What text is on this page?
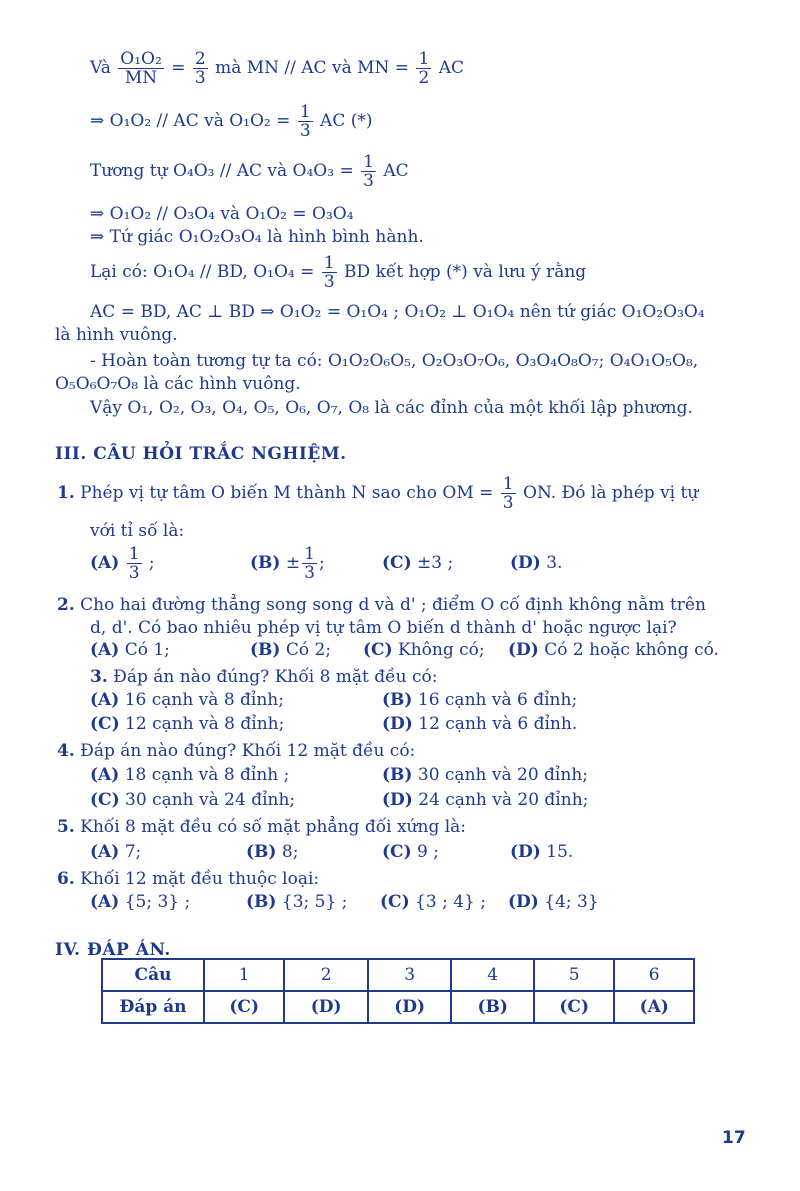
Và $\frac{\text{O₁O₂}}{MN} = \frac{2}{3}$ mà MN // AC và MN = $\frac{1}{2}$ AC
⇒ O₁O₂ // AC và $O_1O_2 = \frac{1}{3}$ AC (*)
Tương tự O₄O₃ // AC và $O_4O_3 = \frac{1}{3}$ AC
⇒ O₁O₂ // O₃O₄ và O₁O₂ = O₃O₄
⇒ Tứ giác O₁O₂O₃O₄ là hình bình hành.
Lại có: O₁O₄ // BD, $O_1O_4 = \frac{1}{3}$ BD kết hợp (*) và lưu ý rằng
AC = BD, AC ⊥ BD ⇒ O₁O₂ = O₁O₄ ; O₁O₂ ⊥ O₁O₄ nên tứ giác O₁O₂O₃O₄
là hình vuông.
- Hoàn toàn tương tự ta có: O₁O₂O₆O₅, O₂O₃O₇O₆, O₃O₄O₈O₇; O₄O₁O₅O₈,
O₅O₆O₇O₈ là các hình vuông.
Vậy O₁, O₂, O₃, O₄, O₅, O₆, O₇, O₈ là các đỉnh của một khối lập phương.
III. CÂU HỎI TRẮC NGHIỆM.
1. Phép vị tự tâm O biến M thành N sao cho OM = $\frac{1}{3}$ ON. Đó là phép vị tự
với tỉ số là:
$(A) \frac{1}{3}$ ;	$(B) \pm \frac{1}{3}$ ;	(C) ±3 ;	(D) 3.
2. Cho hai đường thẳng song song d và d' ; điểm O cố định không nằm trên
d, d'. Có bao nhiêu phép vị tự tâm O biến d thành d' hoặc ngược lại?
(A) Có 1;	(B) Có 2; (C) Không có; (D) Có 2 hoặc không có.
3. Đáp án nào đúng? Khối 8 mặt đều có:
(A) 16 cạnh và 8 đỉnh;	(B) 16 cạnh và 6 đỉnh;
(C) 12 cạnh và 8 đỉnh;	(D) 12 cạnh và 6 đỉnh.
4. Đáp án nào đúng? Khối 12 mặt đều có:
(A) 18 cạnh và 8 đỉnh ;	(B) 30 cạnh và 20 đỉnh;
(C) 30 cạnh và 24 đỉnh;	(D) 24 cạnh và 20 đỉnh;
5. Khối 8 mặt đều có số mặt phẳng đối xứng là:
(A) 7;	(B) 8;	(C) 9 ;	(D) 15.
6. Khối 12 mặt đều thuộc loại:
(A) {5; 3} ;	(B) {3; 5} ; (C) {3 ; 4} ; (D) {4; 3}
IV. ĐÁP ÁN.
Câu	1	2	3	4	5	6
Đáp án	(C)	(D)	(D)	(B)	(C)	(A)
17
